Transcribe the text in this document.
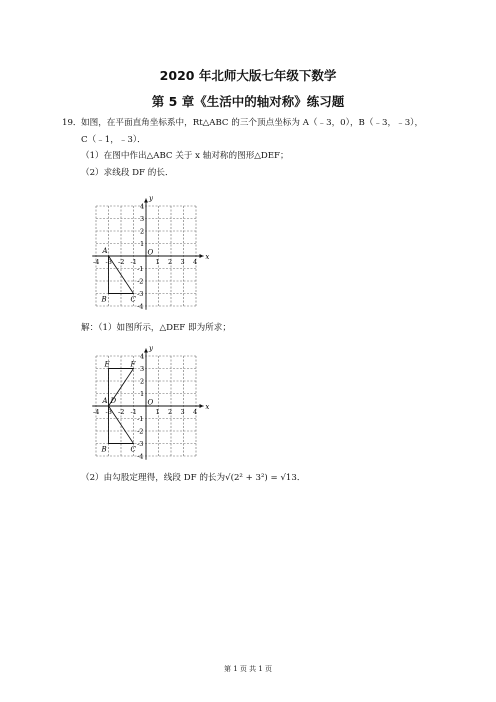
2020 年北师大版七年级下数学
第 5 章《生活中的轴对称》练习题
19． 如图，在平面直角坐标系中，Rt△ABC 的三个顶点坐标为 A（﹣3，0），B（﹣3，﹣3），
C（﹣1，﹣3）．
（1）在图中作出△ABC 关于 x 轴对称的图形△DEF；
（2）求线段 DF 的长．
x
y
O
-4 -3 -2 -1	1 2 3 4
4
3
2
1
-1
-2
-3
-4
A
B	C
解：（1）如图所示，△DEF 即为所求；
x
y
O
-4 -3 -2 -1	1 2 3 4
4
3
2
1
-1
-2
-3
-4
A
B	C
D
E	F
（2）由勾股定理得，线段 DF 的长为√(2² + 3²) = √13．
第 1 页 共 1 页
